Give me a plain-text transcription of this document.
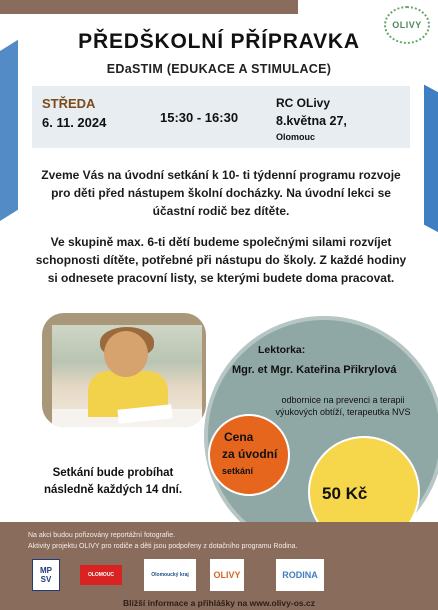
OLIVY
PŘEDŠKOLNÍ PŘÍPRAVKA
EDaSTIM (EDUKACE A STIMULACE)
STŘEDA
6. 11. 2024	15:30 - 16:30
RC OLivy
8.května 27,
Olomouc
Zveme Vás na úvodní setkání k 10- ti týdenní programu rozvoje pro děti před nástupem školní docházky. Na úvodní lekci se účastní rodič bez dítěte.
Ve skupině max. 6-ti dětí budeme společnými silami rozvíjet schopnosti dítěte, potřebné při nástupu do školy. Z každé hodiny si odnesete pracovní listy, se kterými budete doma pracovat.
Lektorka:
Mgr. et Mgr. Kateřina Přikrylová
odbornice na prevenci a terapii výukových obtíží, terapeutka NVS
50 Kč
Cena
za úvodní
setkání
Setkání bude probíhat následně každých 14 dní.
Na akci budou pořizovány reportážní fotografie.
Aktivity projektu OLIVY pro rodiče a děti jsou podpořeny z dotačního programu Rodina.
MP
SV	OLOMOUC	Olomoucký kraj	OLIVY	RODINA
Bližší informace a přihlášky na www.olivy-os.cz
